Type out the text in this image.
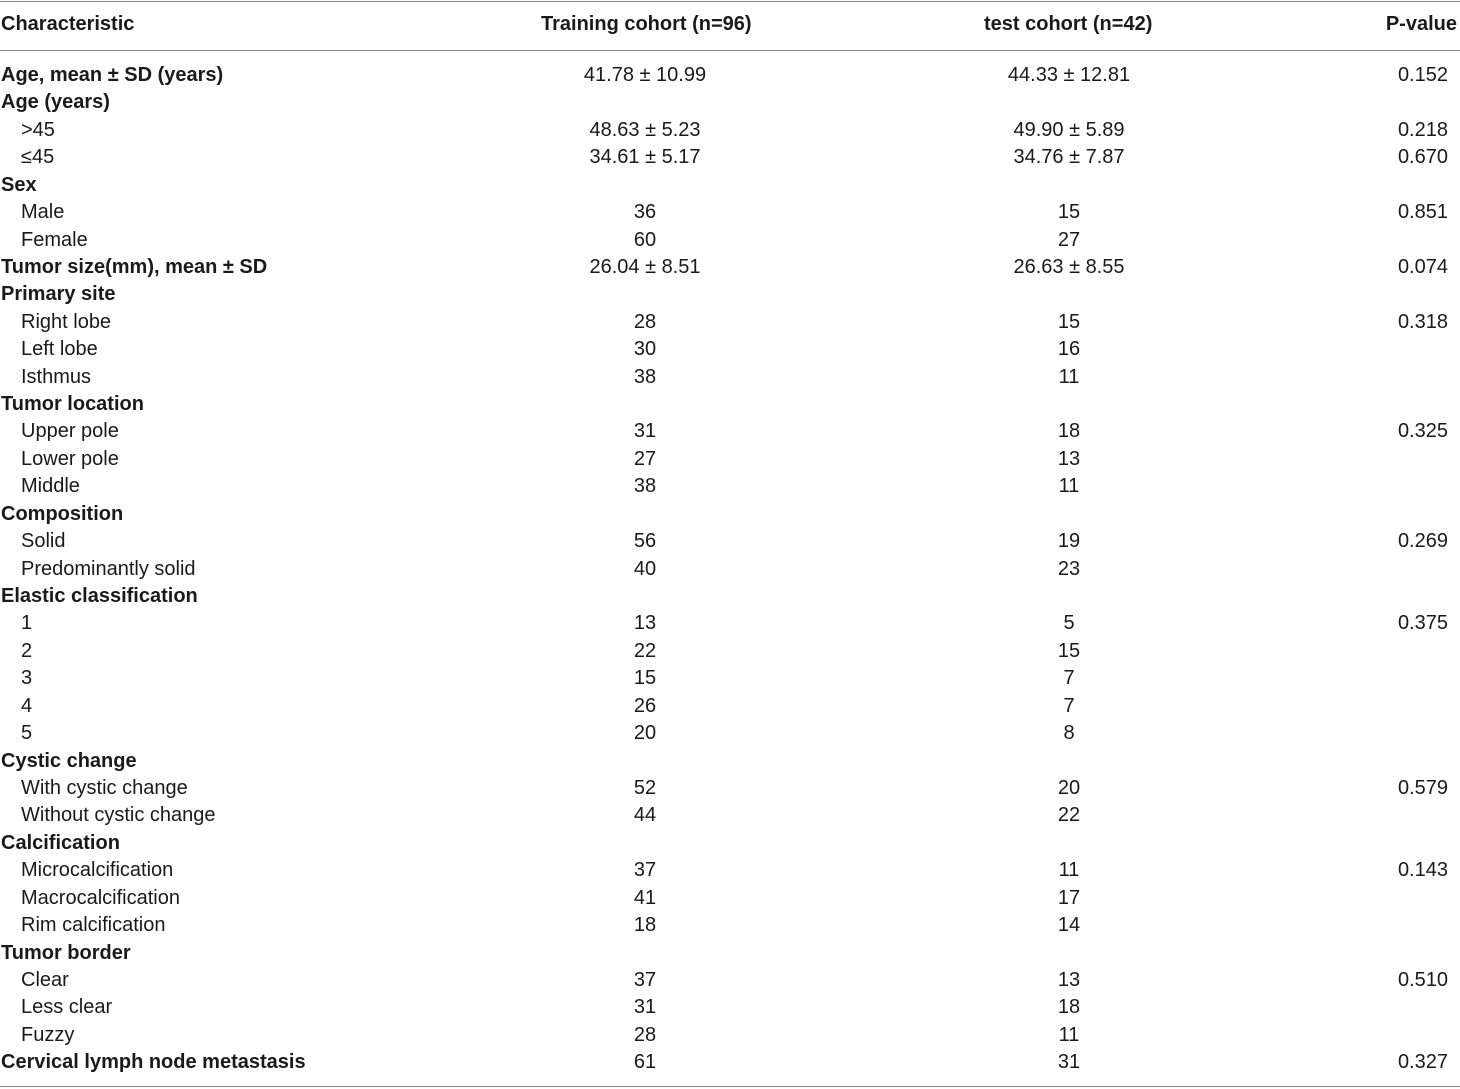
Characteristic	Training cohort (n=96)	test cohort (n=42)	P-value
Age, mean ± SD (years)	41.78 ± 10.99	44.33 ± 12.81	0.152
Age (years)
>45	48.63 ± 5.23	49.90 ± 5.89	0.218
≤45	34.61 ± 5.17	34.76 ± 7.87	0.670
Sex
Male	36	15	0.851
Female	60	27
Tumor size(mm), mean ± SD	26.04 ± 8.51	26.63 ± 8.55	0.074
Primary site
Right lobe	28	15	0.318
Left lobe	30	16
Isthmus	38	11
Tumor location
Upper pole	31	18	0.325
Lower pole	27	13
Middle	38	11
Composition
Solid	56	19	0.269
Predominantly solid	40	23
Elastic classification
1	13	5	0.375
2	22	15
3	15	7
4	26	7
5	20	8
Cystic change
With cystic change	52	20	0.579
Without cystic change	44	22
Calcification
Microcalcification	37	11	0.143
Macrocalcification	41	17
Rim calcification	18	14
Tumor border
Clear	37	13	0.510
Less clear	31	18
Fuzzy	28	11
Cervical lymph node metastasis	61	31	0.327
